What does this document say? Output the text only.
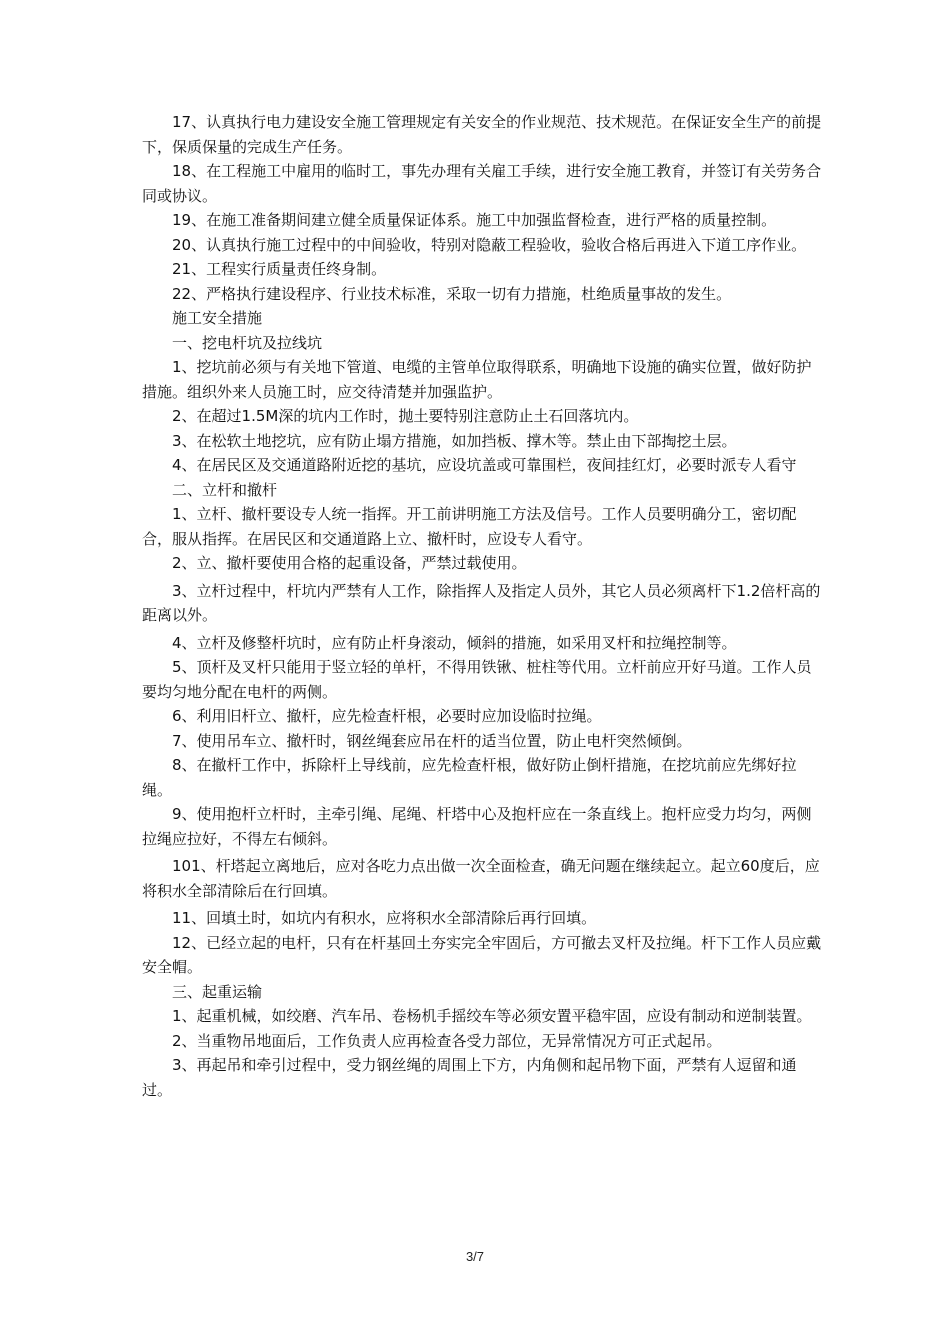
17、认真执行电力建设安全施工管理规定有关安全的作业规范、技术规范。在保证安全生产的前提下，保质保量的完成生产任务。

18、在工程施工中雇用的临时工，事先办理有关雇工手续，进行安全施工教育，并签订有关劳务合同或协议。

19、在施工准备期间建立健全质量保证体系。施工中加强监督检查，进行严格的质量控制。

20、认真执行施工过程中的中间验收，特别对隐蔽工程验收，验收合格后再进入下道工序作业。

21、工程实行质量责任终身制。

22、严格执行建设程序、行业技术标准，采取一切有力措施，杜绝质量事故的发生。

施工安全措施

一、挖电杆坑及拉线坑

1、挖坑前必须与有关地下管道、电缆的主管单位取得联系，明确地下设施的确实位置，做好防护措施。组织外来人员施工时，应交待清楚并加强监护。

2、在超过1.5M深的坑内工作时，抛土要特别注意防止土石回落坑内。

3、在松软土地挖坑，应有防止塌方措施，如加挡板、撑木等。禁止由下部掏挖土层。

4、在居民区及交通道路附近挖的基坑，应设坑盖或可靠围栏，夜间挂红灯，必要时派专人看守

二、立杆和撤杆

1、立杆、撤杆要设专人统一指挥。开工前讲明施工方法及信号。工作人员要明确分工，密切配合，服从指挥。在居民区和交通道路上立、撤杆时，应设专人看守。

2、立、撤杆要使用合格的起重设备，严禁过载使用。

3、立杆过程中，杆坑内严禁有人工作，除指挥人及指定人员外，其它人员必须离杆下1.2倍杆高的距离以外。

4、立杆及修整杆坑时，应有防止杆身滚动，倾斜的措施，如采用叉杆和拉绳控制等。

5、顶杆及叉杆只能用于竖立轻的单杆，不得用铁锹、桩柱等代用。立杆前应开好马道。工作人员要均匀地分配在电杆的两侧。

6、利用旧杆立、撤杆，应先检查杆根，必要时应加设临时拉绳。

7、使用吊车立、撤杆时，钢丝绳套应吊在杆的适当位置，防止电杆突然倾倒。

8、在撤杆工作中，拆除杆上导线前，应先检查杆根，做好防止倒杆措施，在挖坑前应先绑好拉绳。

9、使用抱杆立杆时，主牵引绳、尾绳、杆塔中心及抱杆应在一条直线上。抱杆应受力均匀，两侧拉绳应拉好，不得左右倾斜。

101、杆塔起立离地后，应对各吃力点出做一次全面检查，确无问题在继续起立。起立60度后，应将积水全部清除后在行回填。

11、回填土时，如坑内有积水，应将积水全部清除后再行回填。

12、已经立起的电杆，只有在杆基回土夯实完全牢固后，方可撤去叉杆及拉绳。杆下工作人员应戴安全帽。

三、起重运输

1、起重机械，如绞磨、汽车吊、卷杨机手摇绞车等必须安置平稳牢固，应设有制动和逆制装置。

2、当重物吊地面后，工作负责人应再检查各受力部位，无异常情况方可正式起吊。

3、再起吊和牵引过程中，受力钢丝绳的周围上下方，内角侧和起吊物下面，严禁有人逗留和通过。

3/7
